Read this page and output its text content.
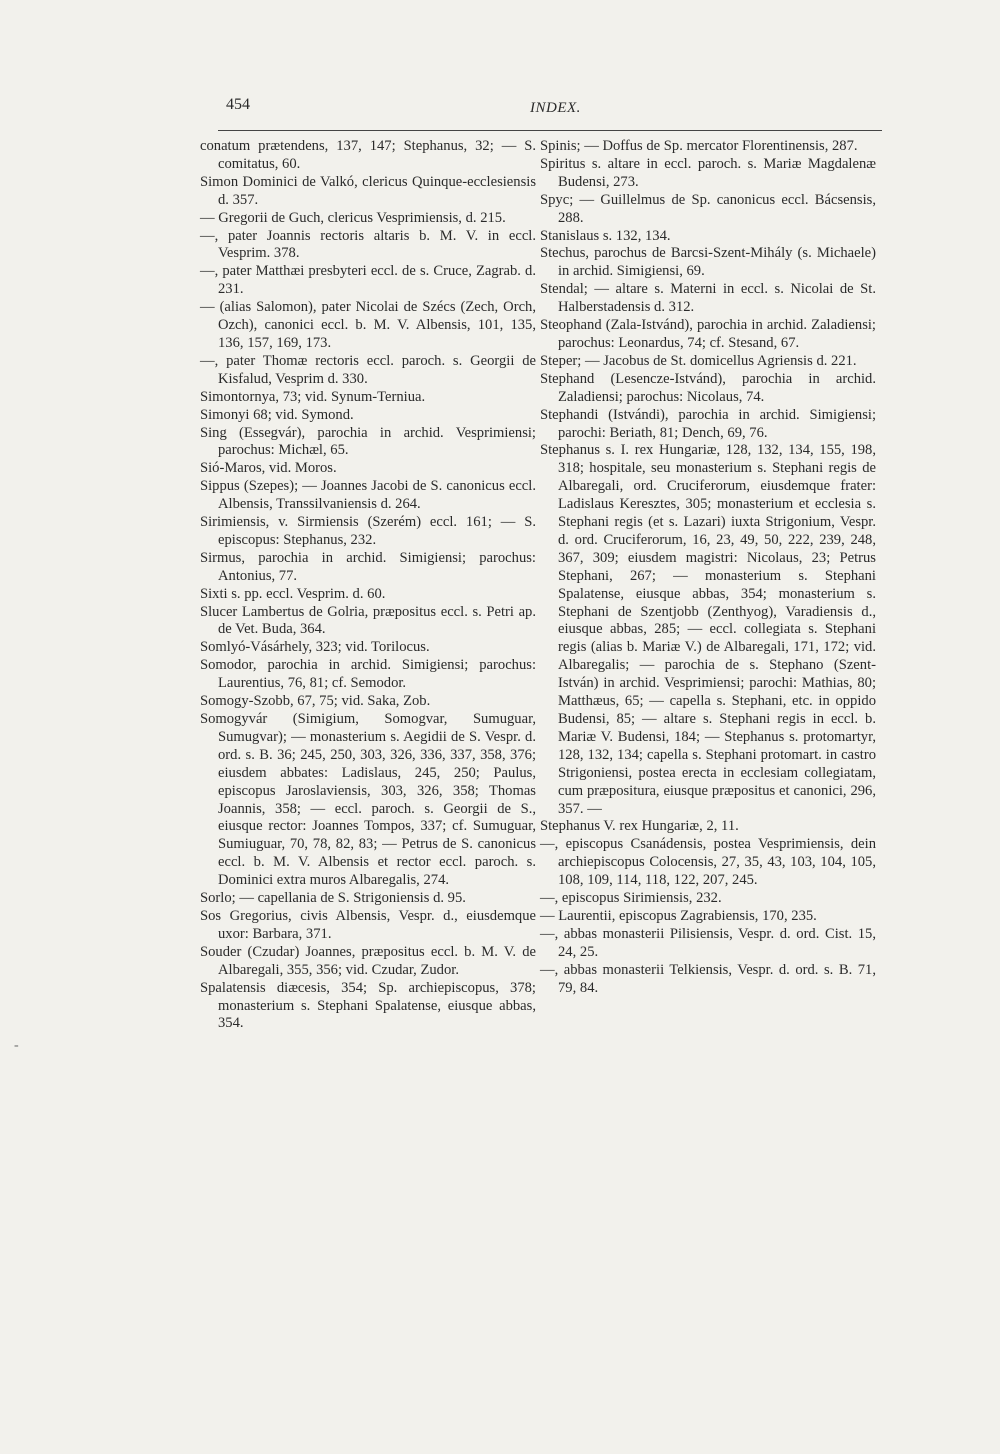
454	INDEX.

conatum prætendens, 137, 147; Stephanus, 32; — S. comitatus, 60.

Simon Dominici de Valkó, clericus Quinque-ecclesiensis d. 357.

— Gregorii de Guch, clericus Vesprimiensis, d. 215.

—, pater Joannis rectoris altaris b. M. V. in eccl. Vesprim. 378.

—, pater Matthæi presbyteri eccl. de s. Cruce, Zagrab. d. 231.

— (alias Salomon), pater Nicolai de Szécs (Zech, Orch, Ozch), canonici eccl. b. M. V. Albensis, 101, 135, 136, 157, 169, 173.

—, pater Thomæ rectoris eccl. paroch. s. Georgii de Kisfalud, Vesprim d. 330.

Simontornya, 73; vid. Synum-Terniua.

Simonyi 68; vid. Symond.

Sing (Essegvár), parochia in archid. Vesprimiensi; parochus: Michæl, 65.

Sió-Maros, vid. Moros.

Sippus (Szepes); — Joannes Jacobi de S. canonicus eccl. Albensis, Transsilvaniensis d. 264.

Sirimiensis, v. Sirmiensis (Szerém) eccl. 161; — S. episcopus: Stephanus, 232.

Sirmus, parochia in archid. Simigiensi; parochus: Antonius, 77.

Sixti s. pp. eccl. Vesprim. d. 60.

Slucer Lambertus de Golria, præpositus eccl. s. Petri ap. de Vet. Buda, 364.

Somlyó-Vásárhely, 323; vid. Torilocus.

Somodor, parochia in archid. Simigiensi; parochus: Laurentius, 76, 81; cf. Semodor.

Somogy-Szobb, 67, 75; vid. Saka, Zob.

Somogyvár (Simigium, Somogvar, Sumuguar, Sumugvar); — monasterium s. Aegidii de S. Vespr. d. ord. s. B. 36; 245, 250, 303, 326, 336, 337, 358, 376; eiusdem abbates: Ladislaus, 245, 250; Paulus, episcopus Jaroslaviensis, 303, 326, 358; Thomas Joannis, 358; — eccl. paroch. s. Georgii de S., eiusque rector: Joannes Tompos, 337; cf. Sumuguar, Sumiuguar, 70, 78, 82, 83; — Petrus de S. canonicus eccl. b. M. V. Albensis et rector eccl. paroch. s. Dominici extra muros Albaregalis, 274.

Sorlo; — capellania de S. Strigoniensis d. 95.

Sos Gregorius, civis Albensis, Vespr. d., eiusdemque uxor: Barbara, 371.

Souder (Czudar) Joannes, præpositus eccl. b. M. V. de Albaregali, 355, 356; vid. Czudar, Zudor.

Spalatensis diæcesis, 354; Sp. archiepiscopus, 378; monasterium s. Stephani Spalatense, eiusque abbas, 354.

Spinis; — Doffus de Sp. mercator Florentinensis, 287.

Spiritus s. altare in eccl. paroch. s. Mariæ Magdalenæ Budensi, 273.

Spyc; — Guillelmus de Sp. canonicus eccl. Bácsensis, 288.

Stanislaus s. 132, 134.

Stechus, parochus de Barcsi-Szent-Mihály (s. Michaele) in archid. Simigiensi, 69.

Stendal; — altare s. Materni in eccl. s. Nicolai de St. Halberstadensis d. 312.

Steophand (Zala-Istvánd), parochia in archid. Zaladiensi; parochus: Leonardus, 74; cf. Stesand, 67.

Steper; — Jacobus de St. domicellus Agriensis d. 221.

Stephand (Lesencze-Istvánd), parochia in archid. Zaladiensi; parochus: Nicolaus, 74.

Stephandi (Istvándi), parochia in archid. Simigiensi; parochi: Beriath, 81; Dench, 69, 76.

Stephanus s. I. rex Hungariæ, 128, 132, 134, 155, 198, 318; hospitale, seu monasterium s. Stephani regis de Albaregali, ord. Cruciferorum, eiusdemque frater: Ladislaus Keresztes, 305; monasterium et ecclesia s. Stephani regis (et s. Lazari) iuxta Strigonium, Vespr. d. ord. Cruciferorum, 16, 23, 49, 50, 222, 239, 248, 367, 309; eiusdem magistri: Nicolaus, 23; Petrus Stephani, 267; — monasterium s. Stephani Spalatense, eiusque abbas, 354; monasterium s. Stephani de Szentjobb (Zenthyog), Varadiensis d., eiusque abbas, 285; — eccl. collegiata s. Stephani regis (alias b. Mariæ V.) de Albaregali, 171, 172; vid. Albaregalis; — parochia de s. Stephano (Szent-István) in archid. Vesprimiensi; parochi: Mathias, 80; Matthæus, 65; — capella s. Stephani, etc. in oppido Budensi, 85; — altare s. Stephani regis in eccl. b. Mariæ V. Budensi, 184; — Stephanus s. protomartyr, 128, 132, 134; capella s. Stephani protomart. in castro Strigoniensi, postea erecta in ecclesiam collegiatam, cum præpositura, eiusque præpositus et canonici, 296, 357. —

Stephanus V. rex Hungariæ, 2, 11.

—, episcopus Csanádensis, postea Vesprimiensis, dein archiepiscopus Colocensis, 27, 35, 43, 103, 104, 105, 108, 109, 114, 118, 122, 207, 245.

—, episcopus Sirimiensis, 232.

— Laurentii, episcopus Zagrabiensis, 170, 235.

—, abbas monasterii Pilisiensis, Vespr. d. ord. Cist. 15, 24, 25.

—, abbas monasterii Telkiensis, Vespr. d. ord. s. B. 71, 79, 84.

-
